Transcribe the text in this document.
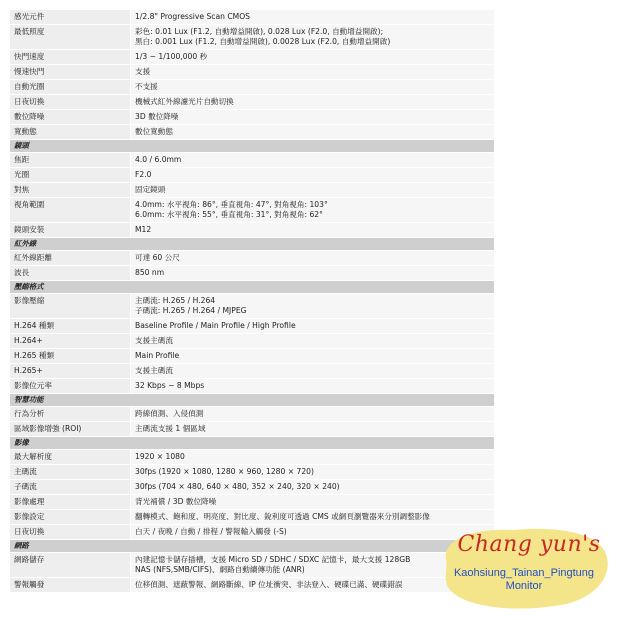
感光元件	1/2.8" Progressive Scan CMOS

最低照度	彩色: 0.01 Lux (F1.2, 自動增益開啟), 0.028 Lux (F2.0, 自動增益開啟);
黑白: 0.001 Lux (F1.2, 自動增益開啟), 0.0028 Lux (F2.0, 自動增益開啟)

快門速度	1/3 ~ 1/100,000 秒

慢速快門	支援

自動光圈	不支援

日夜切換	機械式紅外線濾光片自動切換

數位降噪	3D 數位降噪

寬動態	數位寬動態

鏡頭	
焦距	4.0 / 6.0mm

光圈	F2.0

對焦	固定鏡頭

視角範圍	4.0mm: 水平視角: 86°, 垂直視角: 47°, 對角視角: 103°
6.0mm: 水平視角: 55°, 垂直視角: 31°, 對角視角: 62°

鏡頭安裝	M12

紅外線	
紅外線距離	可達 60 公尺

波長	850 nm

壓縮格式	
影像壓縮	主碼流: H.265 / H.264
子碼流: H.265 / H.264 / MJPEG

H.264 種類	Baseline Profile / Main Profile / High Profile

H.264+	支援主碼流

H.265 種類	Main Profile

H.265+	支援主碼流

影像位元率	32 Kbps ~ 8 Mbps

智慧功能	
行為分析	跨線偵測、入侵偵測

區域影像增強 (ROI)	主碼流支援 1 個區域

影像	
最大解析度	1920 × 1080

主碼流	30fps (1920 × 1080, 1280 × 960, 1280 × 720)

子碼流	30fps (704 × 480, 640 × 480, 352 × 240, 320 × 240)

影像處理	背光補償 / 3D 數位降噪

影像設定	翻轉模式、飽和度、明亮度、對比度、銳利度可透過 CMS 或網頁瀏覽器來分別調整影像

日夜切換	白天 / 夜晚 / 自動 / 排程 / 警報輸入觸發 (-S)

網路	
網路儲存	內建記憶卡儲存插槽，支援 Micro SD / SDHC / SDXC 記憶卡，最大支援 128GB
NAS (NFS,SMB/CIFS)、網路自動續傳功能 (ANR)

警報觸發	位移偵測、遮蔽警報、網路斷線、IP 位址衝突、非法登入、硬碟已滿、硬碟錯誤
Chang yun's
Kaohsiung_Tainan_Pingtung
Monitor
